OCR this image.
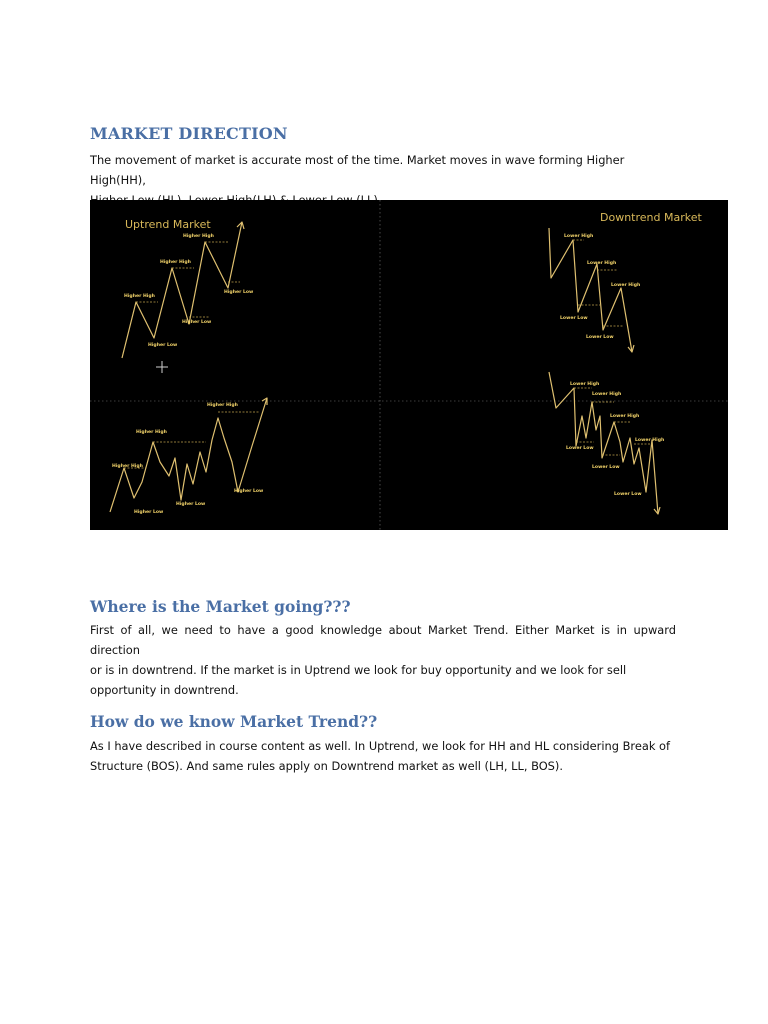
MARKET DIRECTION

The movement of market is accurate most of the time. Market moves in wave forming Higher High(HH),

Uptrend Market
Downtrend Market
Higher High
Higher High
Higher High
Higher Low
Higher Low
Higher Low
Higher High
Higher High
Higher High
Higher Low
Higher Low
Higher Low
Lower High
Lower High
Lower High
Lower Low
Lower Low
Lower High
Lower High
Lower High
Lower High
Lower Low
Lower Low
Lower Low
Where is the Market going???

First of all, we need to have a good knowledge about Market Trend. Either Market is in upward direction
or is in downtrend. If the market is in Uptrend we look for buy opportunity and we look for sell
opportunity in downtrend.

How do we know Market Trend??

As I have described in course content as well. In Uptrend, we look for HH and HL considering Break of
Structure (BOS). And same rules apply on Downtrend market as well (LH, LL, BOS).
